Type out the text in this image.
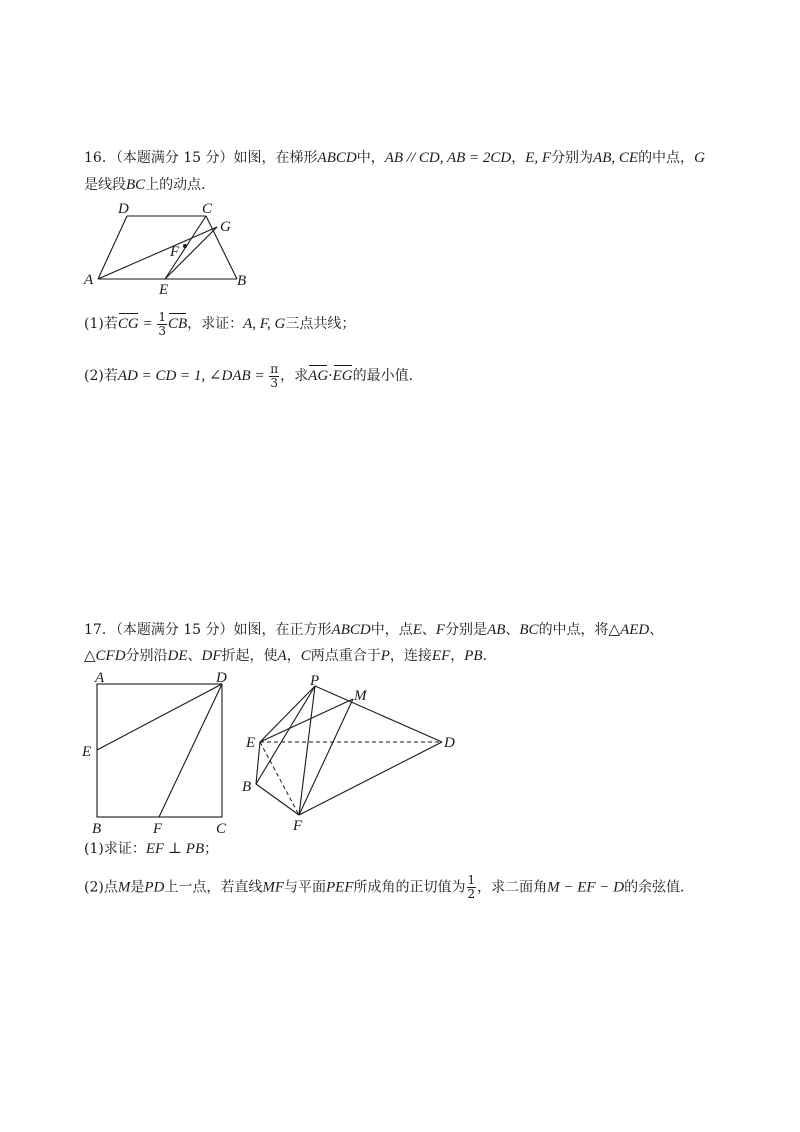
16．（本题满分 15 分）如图，在梯形ABCD中，AB // CD, AB = 2CD，E, F分别为AB, CE的中点，G
是线段BC上的动点．
D	C
G
F
A
E
B
(1)若CG = $\frac{1}{3}$ CB，求证：A, F, G三点共线；
(2)若AD = CD = 1, ∠DAB = $\frac{\pi}{3}$ ，求AG·EG的最小值．
17．（本题满分 15 分）如图，在正方形ABCD中，点E、F分别是AB、BC的中点，将△AED、
△CFD分别沿DE、DF折起，使A，C两点重合于P，连接EF，PB．
A	D
E
B	F	C
P
M
E	D
B
F
(1)求证：EF ⊥ PB；
(2)点M是PD上一点，若直线MF与平面PEF所成角的正切值为 $\frac{1}{2}$ ，求二面角M − EF − D的余弦值．
